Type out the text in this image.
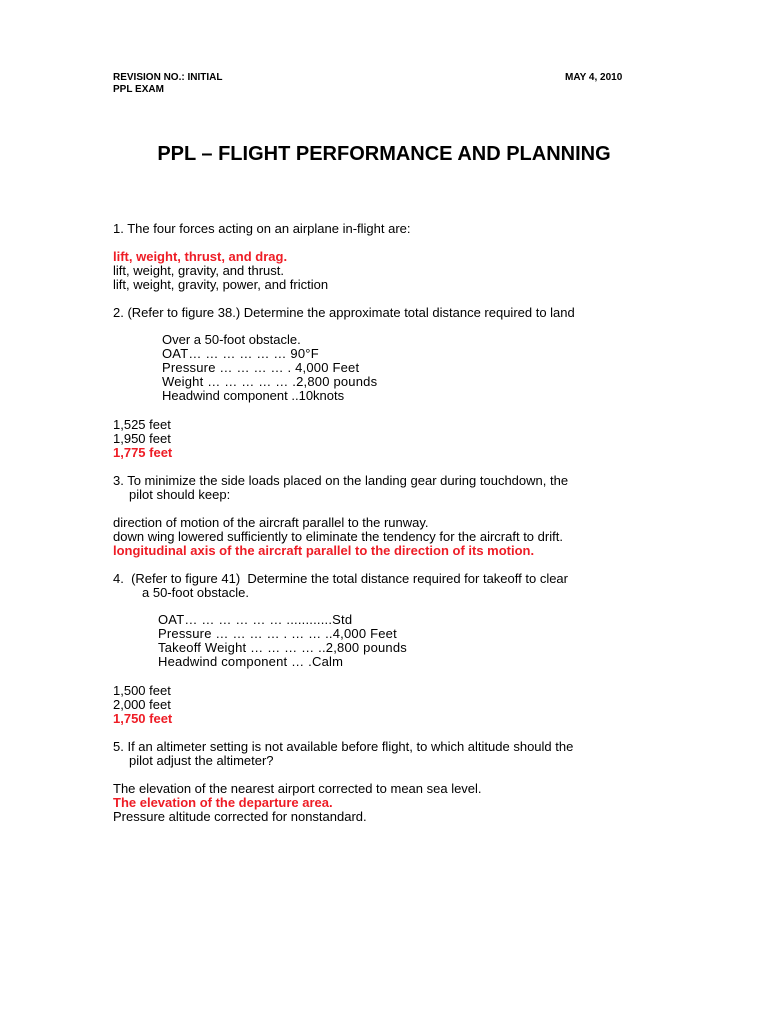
REVISION NO.: INITIAL
PPL EXAM
MAY 4, 2010
PPL – FLIGHT PERFORMANCE AND PLANNING
1. The four forces acting on an airplane in-flight are:
lift, weight, thrust, and drag.
lift, weight, gravity, and thrust.
lift, weight, gravity, power, and friction
2. (Refer to figure 38.) Determine the approximate total distance required to land
Over a 50-foot obstacle.
OAT… … … … … … 90°F
Pressure … … … … . 4,000 Feet
Weight … … … … … .2,800 pounds
Headwind component ..10knots
1,525 feet
1,950 feet
1,775 feet
3. To minimize the side loads placed on the landing gear during touchdown, the
pilot should keep:
direction of motion of the aircraft parallel to the runway.
down wing lowered sufficiently to eliminate the tendency for the aircraft to drift.
longitudinal axis of the aircraft parallel to the direction of its motion.
4.  (Refer to figure 41)  Determine the total distance required for takeoff to clear
a 50-foot obstacle.
OAT… … … … … … ............Std
Pressure … … … … . … … ..4,000 Feet
Takeoff Weight … … … … ..2,800 pounds
Headwind component … .Calm
1,500 feet
2,000 feet
1,750 feet
5. If an altimeter setting is not available before flight, to which altitude should the
pilot adjust the altimeter?
The elevation of the nearest airport corrected to mean sea level.
The elevation of the departure area.
Pressure altitude corrected for nonstandard.
